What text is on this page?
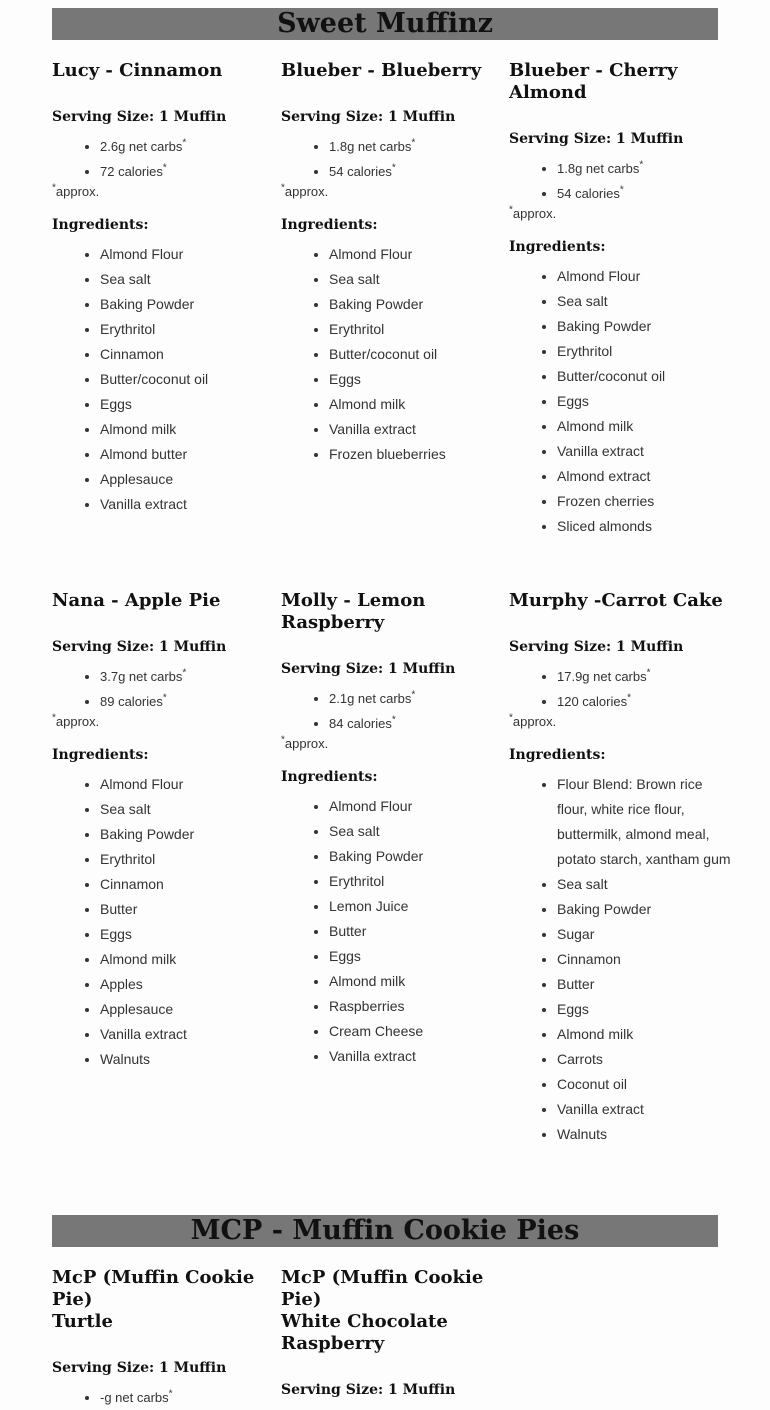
Sweet Muffinz
Lucy - Cinnamon
Serving Size: 1 Muffin
• 2.6g net carbs*
• 72 calories*
*approx.
Ingredients:
• Almond Flour
• Sea salt
• Baking Powder
• Erythritol
• Cinnamon
• Butter/coconut oil
• Eggs
• Almond milk
• Almond butter
• Applesauce
• Vanilla extract
Blueber - Blueberry
Serving Size: 1 Muffin
• 1.8g net carbs*
• 54 calories*
*approx.
Ingredients:
• Almond Flour
• Sea salt
• Baking Powder
• Erythritol
• Butter/coconut oil
• Eggs
• Almond milk
• Vanilla extract
• Frozen blueberries
Blueber - Cherry Almond
Serving Size: 1 Muffin
• 1.8g net carbs*
• 54 calories*
*approx.
Ingredients:
• Almond Flour
• Sea salt
• Baking Powder
• Erythritol
• Butter/coconut oil
• Eggs
• Almond milk
• Vanilla extract
• Almond extract
• Frozen cherries
• Sliced almonds
Nana - Apple Pie
Serving Size: 1 Muffin
• 3.7g net carbs*
• 89 calories*
*approx.
Ingredients:
• Almond Flour
• Sea salt
• Baking Powder
• Erythritol
• Cinnamon
• Butter
• Eggs
• Almond milk
• Apples
• Applesauce
• Vanilla extract
• Walnuts
Molly - Lemon Raspberry
Serving Size: 1 Muffin
• 2.1g net carbs*
• 84 calories*
*approx.
Ingredients:
• Almond Flour
• Sea salt
• Baking Powder
• Erythritol
• Lemon Juice
• Butter
• Eggs
• Almond milk
• Raspberries
• Cream Cheese
• Vanilla extract
Murphy -Carrot Cake
Serving Size: 1 Muffin
• 17.9g net carbs*
• 120 calories*
*approx.
Ingredients:
• Flour Blend: Brown rice flour, white rice flour, buttermilk, almond meal, potato starch, xantham gum
• Sea salt
• Baking Powder
• Sugar
• Cinnamon
• Butter
• Eggs
• Almond milk
• Carrots
• Coconut oil
• Vanilla extract
• Walnuts
MCP - Muffin Cookie Pies
McP (Muffin Cookie Pie)
Turtle
Serving Size: 1 Muffin
• -g net carbs*
McP (Muffin Cookie Pie)
White Chocolate Raspberry
Serving Size: 1 Muffin
